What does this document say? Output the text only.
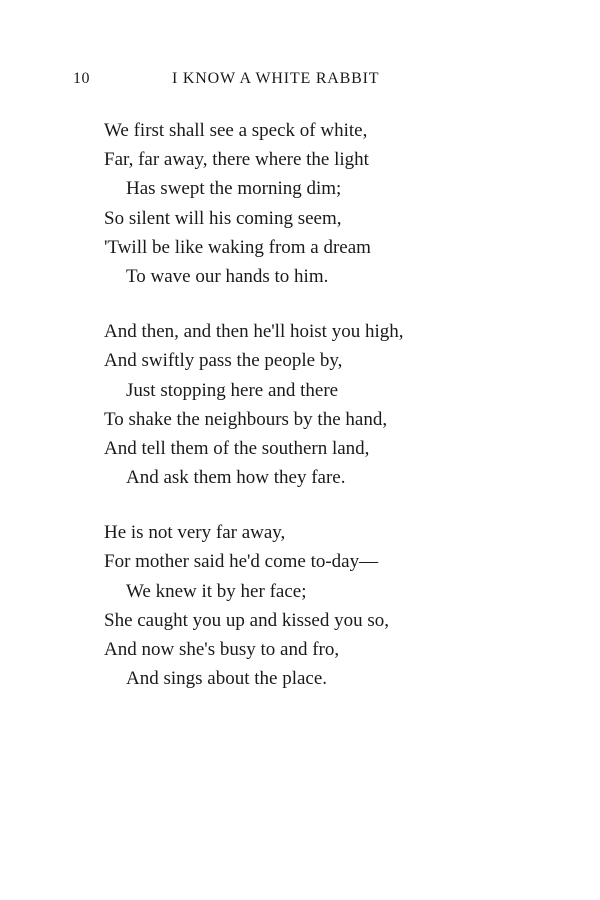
10	I KNOW A WHITE RABBIT
We first shall see a speck of white,
Far, far away, there where the light
Has swept the morning dim;
So silent will his coming seem,
'Twill be like waking from a dream
To wave our hands to him.
And then, and then he'll hoist you high,
And swiftly pass the people by,
Just stopping here and there
To shake the neighbours by the hand,
And tell them of the southern land,
And ask them how they fare.
He is not very far away,
For mother said he'd come to-day—
We knew it by her face;
She caught you up and kissed you so,
And now she's busy to and fro,
And sings about the place.
